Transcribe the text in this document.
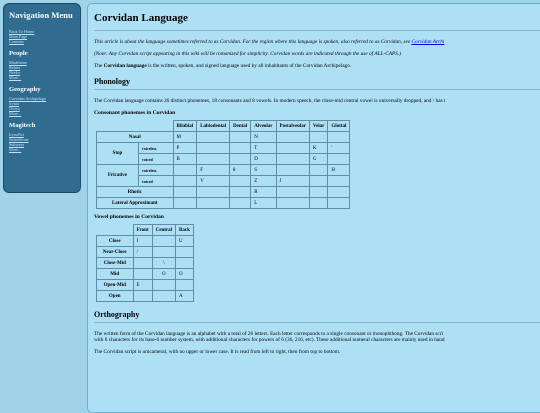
Navigation Menu
Back To Home
Main Page
Contents
People
Madeleine
Reiner
Neeko
More...
Geography
Corvidan Archipelago
Irynia
Ovesu
More...
Magitech
IrynaNet
SmartStone
Subways
More...
Corvidan Language
This article is about the language sometimes referred to as Corvidan. For the region where this language is spoken, also referred to as Corvidan, see Corvidan Archi
(Note: Any Corvidan script appearing in this wiki will be romanized for simplicity. Corvidan words are indicated through the use of ALL-CAPS.)
The Corvidan language is the written, spoken, and signed language used by all inhabitants of the Corvidan Archipelago.
Phonology
The Corvidan language contains 26 distinct phonemes, 18 consonants and 8 vowels. In modern speech, the close-mid central vowel is universally dropped, and \ has t
Consonant phonemes in Corvidan
		Bilabial	Labiodental	Dental	Alveolar	Postalveolar	Velar	Glottal
Nasal		M			N			
Stop	voiceless	P			T		K	'
	voiced	B			D		G	
Fricative	voiceless		F	θ	S			H
	voiced		V		Z	J		
Rhotic					R			
Lateral Approximant					L			
Vowel phonemes in Corvidan
	Front	Central	Back
Close	I		U
Near-Close	/		
Close-Mid		\	
Mid		O	O
Open-Mid	E		
Open			A
Orthography
The written form of the Corvidan language is an alphabet with a total of 26 letters. Each letter corresponds to a single consonant or monophthong. The Corvidan scri
with 6 characters for its base-6 number system, with additional characters for powers of 6 (36, 216, etc). These additional numeral characters are mainly used in hand
The Corvidan script is unicameral, with no upper or lower case. It is read from left to right, then from top to bottom.
